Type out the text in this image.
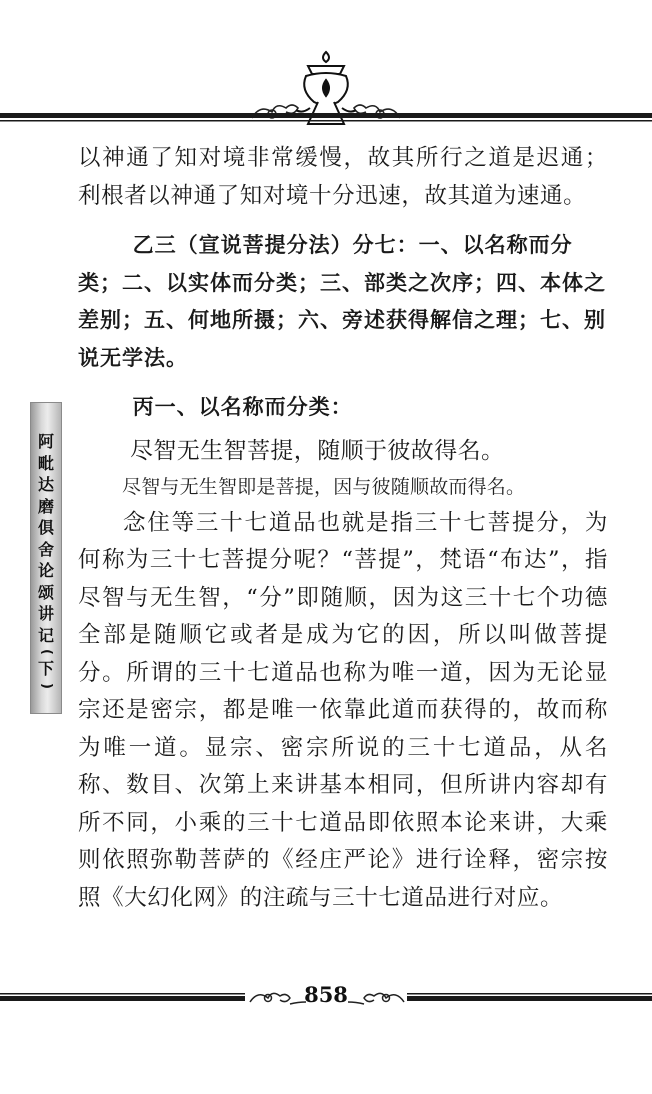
阿
毗
达
磨
俱
舍
论
颂
讲
记
(
下
)

以神通了知对境非常缓慢，故其所行之道是迟通；利根者以神通了知对境十分迅速，故其道为速通。

乙三（宣说菩提分法）分七：一、以名称而分类；二、以实体而分类；三、部类之次序；四、本体之差别；五、何地所摄；六、旁述获得解信之理；七、别说无学法。

丙一、以名称而分类：

尽智无生智菩提，随顺于彼故得名。

尽智与无生智即是菩提，因与彼随顺故而得名。

念住等三十七道品也就是指三十七菩提分，为何称为三十七菩提分呢？“菩提”，梵语“布达”，指尽智与无生智，“分”即随顺，因为这三十七个功德全部是随顺它或者是成为它的因，所以叫做菩提分。所谓的三十七道品也称为唯一道，因为无论显宗还是密宗，都是唯一依靠此道而获得的，故而称为唯一道。显宗、密宗所说的三十七道品，从名称、数目、次第上来讲基本相同，但所讲内容却有所不同，小乘的三十七道品即依照本论来讲，大乘则依照弥勒菩萨的《经庄严论》进行诠释，密宗按照《大幻化网》的注疏与三十七道品进行对应。

858
